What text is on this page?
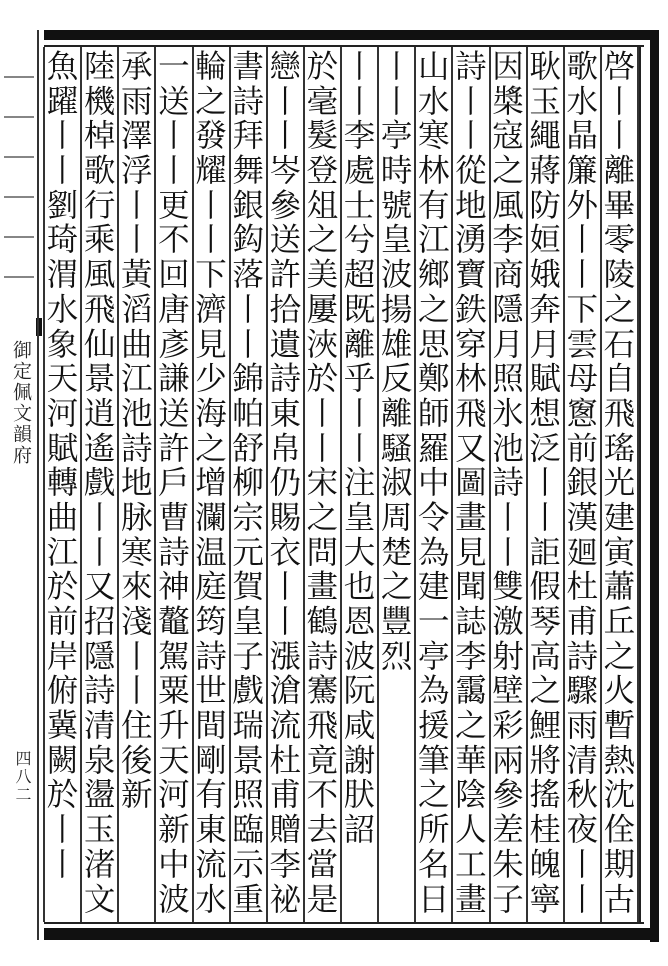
御定佩文韻府
四八二
啓
丨
丨
離
畢
零
陵
之
石
自
飛
瑤
光
建
寅
蕭
丘
之
火
暫
熱
沈
佺
期
古
歌
水
晶
簾
外
丨
丨
下
雲
母
窻
前
銀
漢
廻
杜
甫
詩
驟
雨
清
秋
夜
丨
丨
耿
玉
繩
蔣
防
姮
娥
奔
月
賦
想
泛
丨
丨
詎
假
琴
高
之
鯉
將
搖
桂
魄
寧
因
槳
寇
之
風
李
商
隱
月
照
氷
池
詩
丨
丨
雙
激
射
壁
彩
兩
參
差
朱
子
詩
丨
丨
從
地
湧
寶
鉄
穿
林
飛
又
圖
畫
見
聞
誌
李
靄
之
華
陰
人
工
畫
山
水
寒
林
有
江
鄉
之
思
鄭
師
羅
中
令
為
建
一
亭
為
援
筆
之
所
名
日
丨
丨
亭
時
號
皇
波
揚
雄
反
離
騷
淑
周
楚
之
豐
烈
丨
丨
李
處
士
兮
超
既
離
乎
丨
丨
注
皇
大
也
恩
波
阮
咸
謝
肰
詔
於
毫
髮
登
俎
之
美
屢
浹
於
丨
丨
宋
之
問
畫
鶴
詩
騫
飛
竟
不
去
當
是
戀
丨
丨
岑
參
送
許
拾
遺
詩
東
帛
仍
賜
衣
丨
丨
漲
滄
流
杜
甫
贈
李
祕
書
詩
拜
舞
銀
鈎
落
丨
丨
錦
帕
舒
柳
宗
元
賀
皇
子
戲
瑞
景
照
臨
示
重
輪
之
發
耀
丨
丨
下
濟
見
少
海
之
增
瀾
温
庭
筠
詩
世
間
剛
有
東
流
水
一
送
丨
丨
更
不
回
唐
彥
謙
送
許
戶
曹
詩
神
鼇
駕
粟
升
天
河
新
中
波
承
雨
澤
浮
丨
丨
黃
滔
曲
江
池
詩
地
脉
寒
來
淺
丨
丨
住
後
新
陸
機
棹
歌
行
乘
風
飛
仙
景
逍
遙
戲
丨
丨
又
招
隱
詩
清
泉
盪
玉
渚
文
魚
躍
丨
丨
劉
琦
渭
水
象
天
河
賦
轉
曲
江
於
前
岸
俯
冀
闕
於
丨
丨
